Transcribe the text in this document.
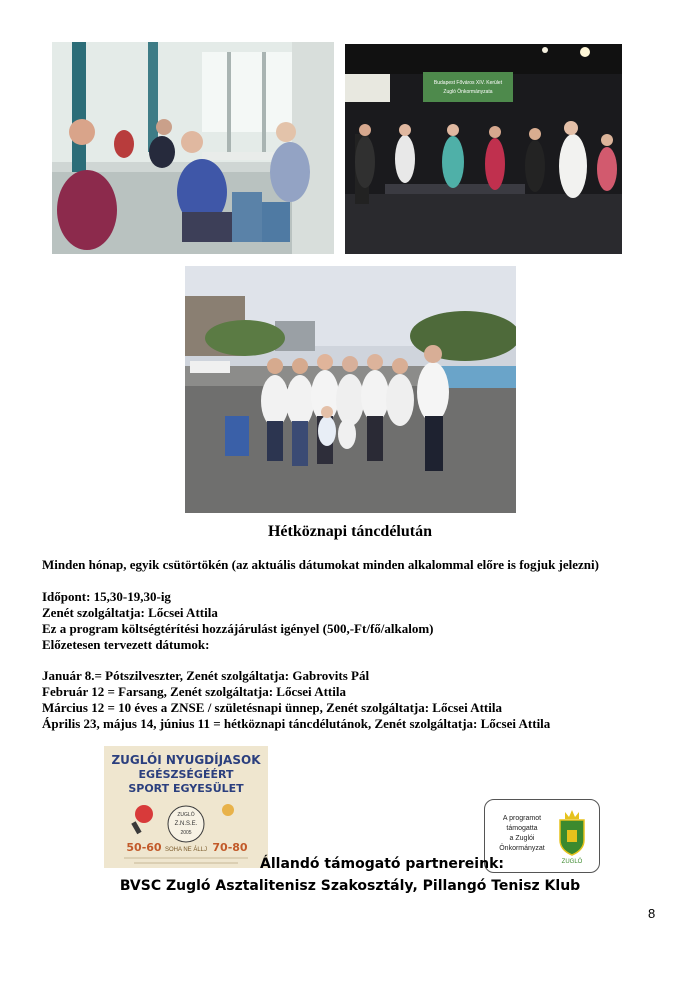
Budapest Főváros XIV. Kerület
Zugló Önkormányzata
Hétköznapi táncdélután
Minden hónap, egyik csütörtökén (az aktuális dátumokat minden alkalommal előre is fogjuk jelezni)
Időpont: 15,30-19,30-ig
Zenét szolgáltatja: Lőcsei Attila
Ez a program költségtérítési hozzájárulást igényel (500,-Ft/fő/alkalom)
Előzetesen tervezett dátumok:
Január 8.= Pótszilveszter, Zenét szolgáltatja: Gabrovits Pál
Február 12 = Farsang, Zenét szolgáltatja: Lőcsei Attila
Március 12 = 10 éves a ZNSE / születésnapi ünnep, Zenét szolgáltatja: Lőcsei Attila
Április 23, május 14, június 11 = hétköznapi táncdélutánok, Zenét szolgáltatja: Lőcsei Attila
ZUGLÓI NYUGDÍJASOK
EGÉSZSÉGÉÉRT
SPORT EGYESÜLET
ZUGLÓ
Z.N.S.E.
2005
50-60	70-80
SOHA NE ÁLLJ
A programot
támogatta
a Zuglói
Önkormányzat
ZUGLÓ
Állandó támogató partnereink:
BVSC Zugló Asztalitenisz Szakosztály, Pillangó Tenisz Klub
8
